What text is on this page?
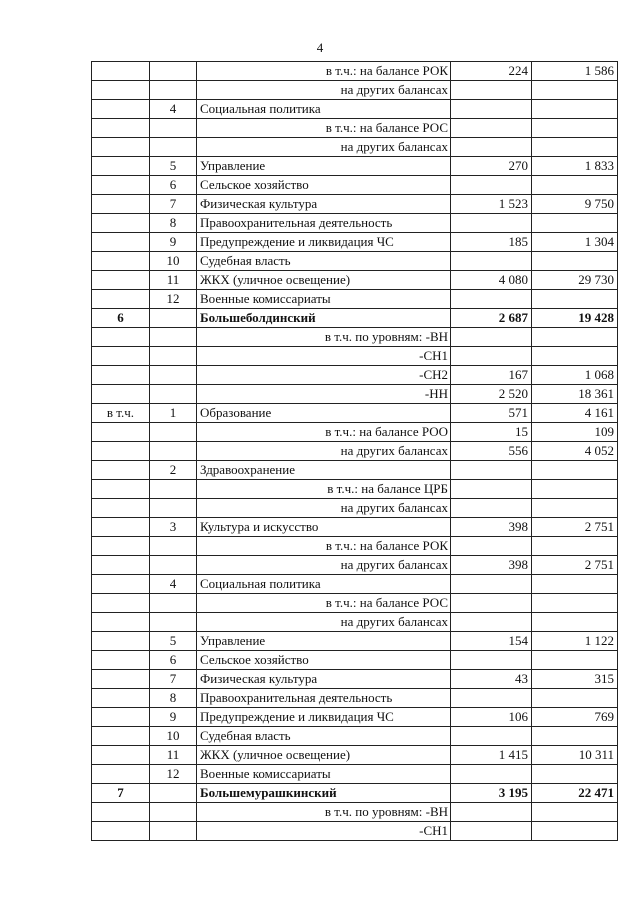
4
		в т.ч.: на балансе РОК	224	1 586
		на других балансах		
	4	Социальная политика		
		в т.ч.: на балансе РОС		
		на других балансах		
	5	Управление	270	1 833
	6	Сельское хозяйство		
	7	Физическая культура	1 523	9 750
	8	Правоохранительная деятельность		
	9	Предупреждение и ликвидация ЧС	185	1 304
	10	Судебная власть		
	11	ЖКХ (уличное освещение)	4 080	29 730
	12	Военные комиссариаты		
6		Большеболдинский	2 687	19 428
		в т.ч. по уровням: -ВН		
		-СН1		
		-СН2	167	1 068
		-НН	2 520	18 361
в т.ч.	1	Образование	571	4 161
		в т.ч.: на балансе РОО	15	109
		на других балансах	556	4 052
	2	Здравоохранение		
		в т.ч.: на балансе ЦРБ		
		на других балансах		
	3	Культура и искусство	398	2 751
		в т.ч.: на балансе РОК		
		на других балансах	398	2 751
	4	Социальная политика		
		в т.ч.: на балансе РОС		
		на других балансах		
	5	Управление	154	1 122
	6	Сельское хозяйство		
	7	Физическая культура	43	315
	8	Правоохранительная деятельность		
	9	Предупреждение и ликвидация ЧС	106	769
	10	Судебная власть		
	11	ЖКХ (уличное освещение)	1 415	10 311
	12	Военные комиссариаты		
7		Большемурашкинский	3 195	22 471
		в т.ч. по уровням: -ВН		
		-СН1		
